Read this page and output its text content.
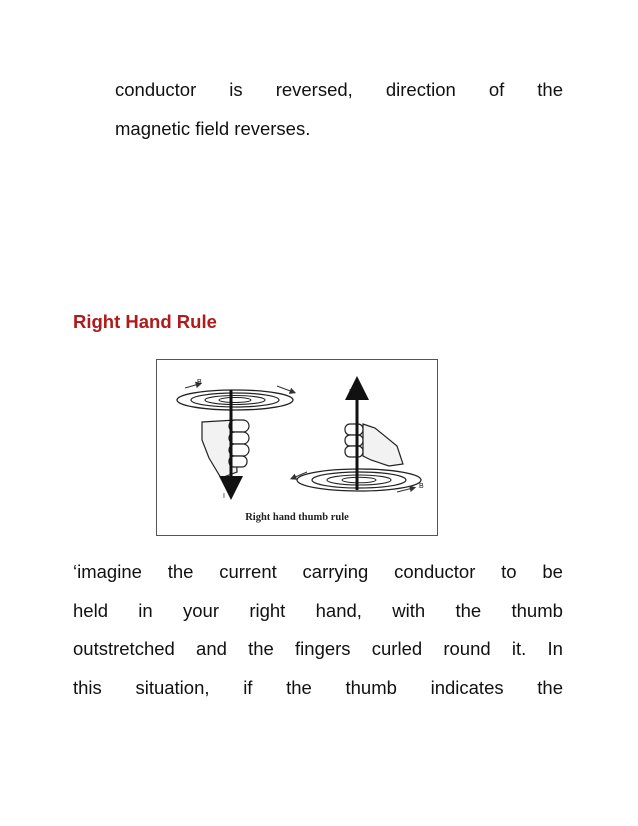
conductor is reversed, direction of the
magnetic field reverses.
Right Hand Rule
B
I
I
B
Right hand thumb rule
‘imagine the current carrying conductor to be
held in your right hand, with the thumb
outstretched and the fingers curled round it. In
this situation, if the thumb indicates the
